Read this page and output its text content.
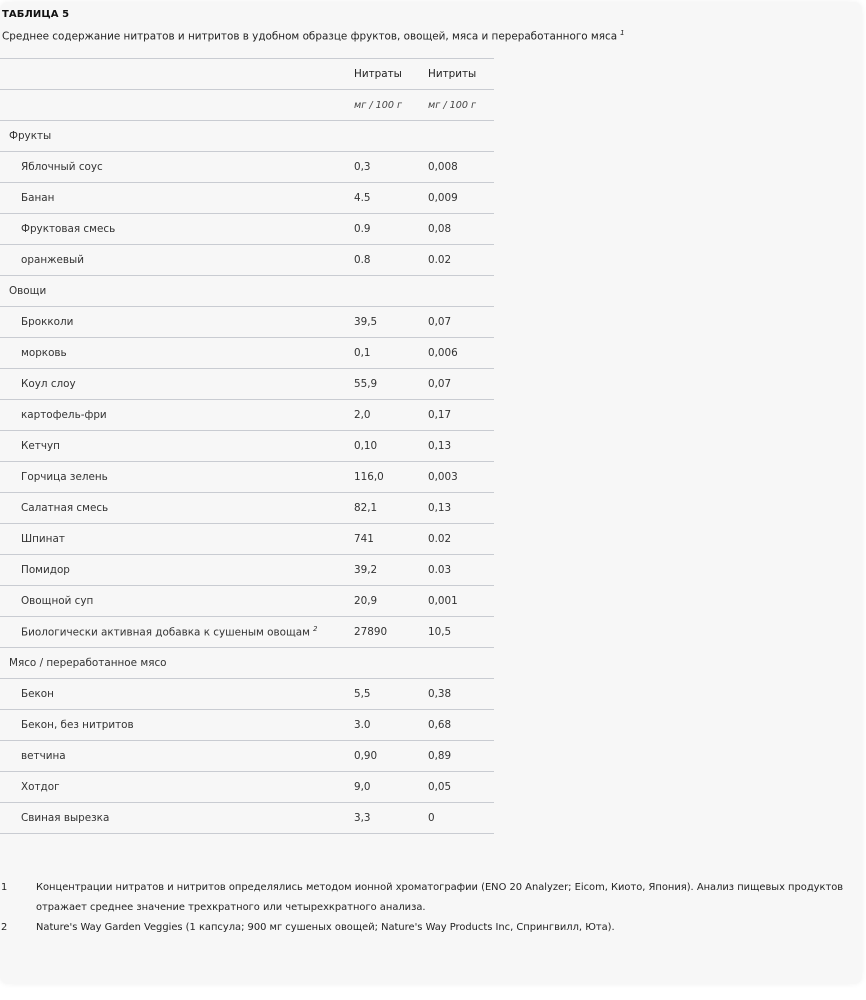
ТАБЛИЦА 5
Среднее содержание нитратов и нитритов в удобном образце фруктов, овощей, мяса и переработанного мяса $^1$
	Нитраты	Нитриты
	мг / 100 г	мг / 100 г
Фрукты		
Яблочный соус	0,3	0,008
Банан	4.5	0,009
Фруктовая смесь	0.9	0,08
оранжевый	0.8	0.02
Овощи		
Брокколи	39,5	0,07
морковь	0,1	0,006
Коул слоу	55,9	0,07
картофель-фри	2,0	0,17
Кетчуп	0,10	0,13
Горчица зелень	116,0	0,003
Салатная смесь	82,1	0,13
Шпинат	741	0.02
Помидор	39,2	0.03
Овощной суп	20,9	0,001
Биологически активная добавка к сушеным овощам $^2$	27890	10,5
Мясо / переработанное мясо		
Бекон	5,5	0,38
Бекон, без нитритов	3.0	0,68
ветчина	0,90	0,89
Хотдог	9,0	0,05
Свиная вырезка	3,3	0
1	Концентрации нитратов и нитритов определялись методом ионной хроматографии (ENO 20 Analyzer; Eicom, Киото, Япония). Анализ пищевых продуктов отражает среднее значение трехкратного или четырехкратного анализа.
2	Nature's Way Garden Veggies (1 капсула; 900 мг сушеных овощей; Nature's Way Products Inc, Спрингвилл, Юта).
